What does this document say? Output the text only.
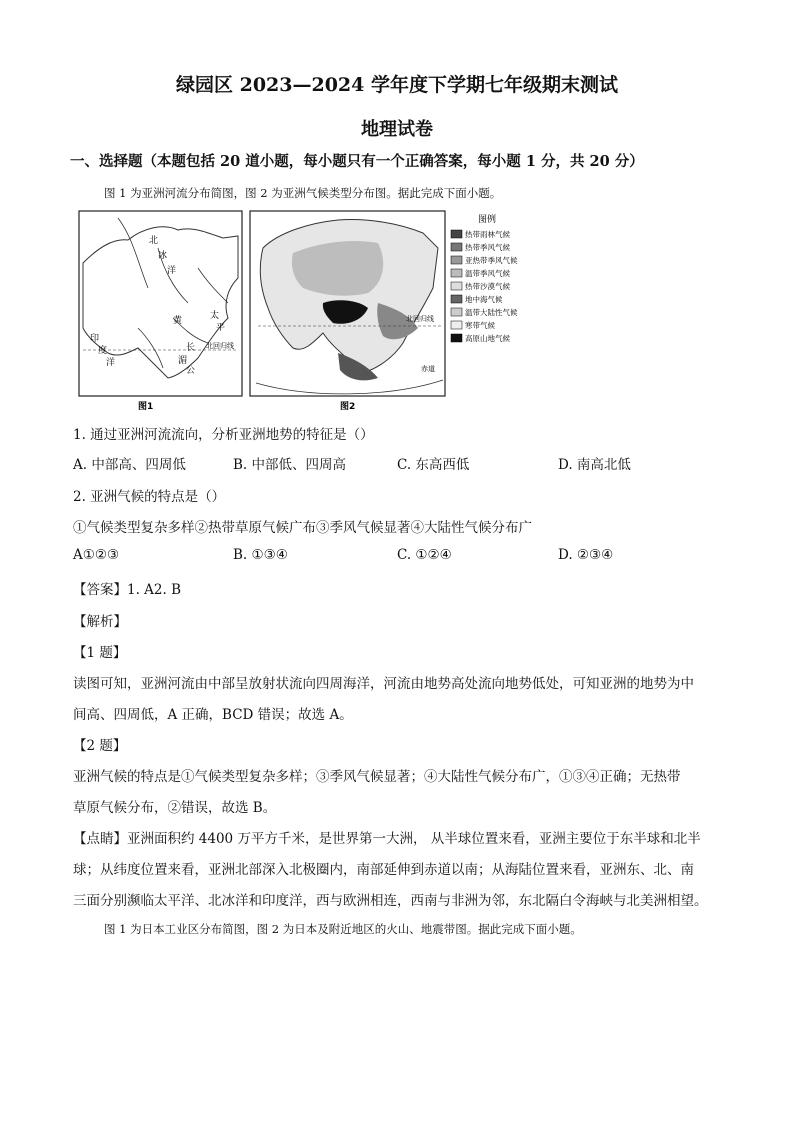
绿园区 2023—2024 学年度下学期七年级期末测试
地理试卷
一、选择题（本题包括 20 道小题，每小题只有一个正确答案，每小题 1 分，共 20 分）
图 1 为亚洲河流分布简图，图 2 为亚洲气候类型分布图。据此完成下面小题。
北
冰
洋
太
平
印
度
洋
长
湄
公
黄
北回归线
图1
北回归线
赤道
图2
图例
热带雨林气候
热带季风气候
亚热带季风气候
温带季风气候
热带沙漠气候
地中海气候
温带大陆性气候
寒带气候
高原山地气候
1. 通过亚洲河流流向，分析亚洲地势的特征是（）
A. 中部高、四周低	B. 中部低、四周高	C. 东高西低	D. 南高北低
2. 亚洲气候的特点是（）
①气候类型复杂多样②热带草原气候广布③季风气候显著④大陆性气候分布广
A①②③	B. ①③④	C. ①②④	D. ②③④
【答案】1. A2. B
【解析】
【1 题】
读图可知，亚洲河流由中部呈放射状流向四周海洋，河流由地势高处流向地势低处，可知亚洲的地势为中
间高、四周低，A 正确，BCD 错误；故选 A。
【2 题】
亚洲气候的特点是①气候类型复杂多样；③季风气候显著；④大陆性气候分布广，①③④正确；无热带
草原气候分布，②错误，故选 B。
【点睛】亚洲面积约 4400 万平方千米，是世界第一大洲， 从半球位置来看，亚洲主要位于东半球和北半
球；从纬度位置来看，亚洲北部深入北极圈内，南部延伸到赤道以南；从海陆位置来看，亚洲东、北、南
三面分别濒临太平洋、北冰洋和印度洋，西与欧洲相连，西南与非洲为邻，东北隔白令海峡与北美洲相望。
图 1 为日本工业区分布简图，图 2 为日本及附近地区的火山、地震带图。据此完成下面小题。
